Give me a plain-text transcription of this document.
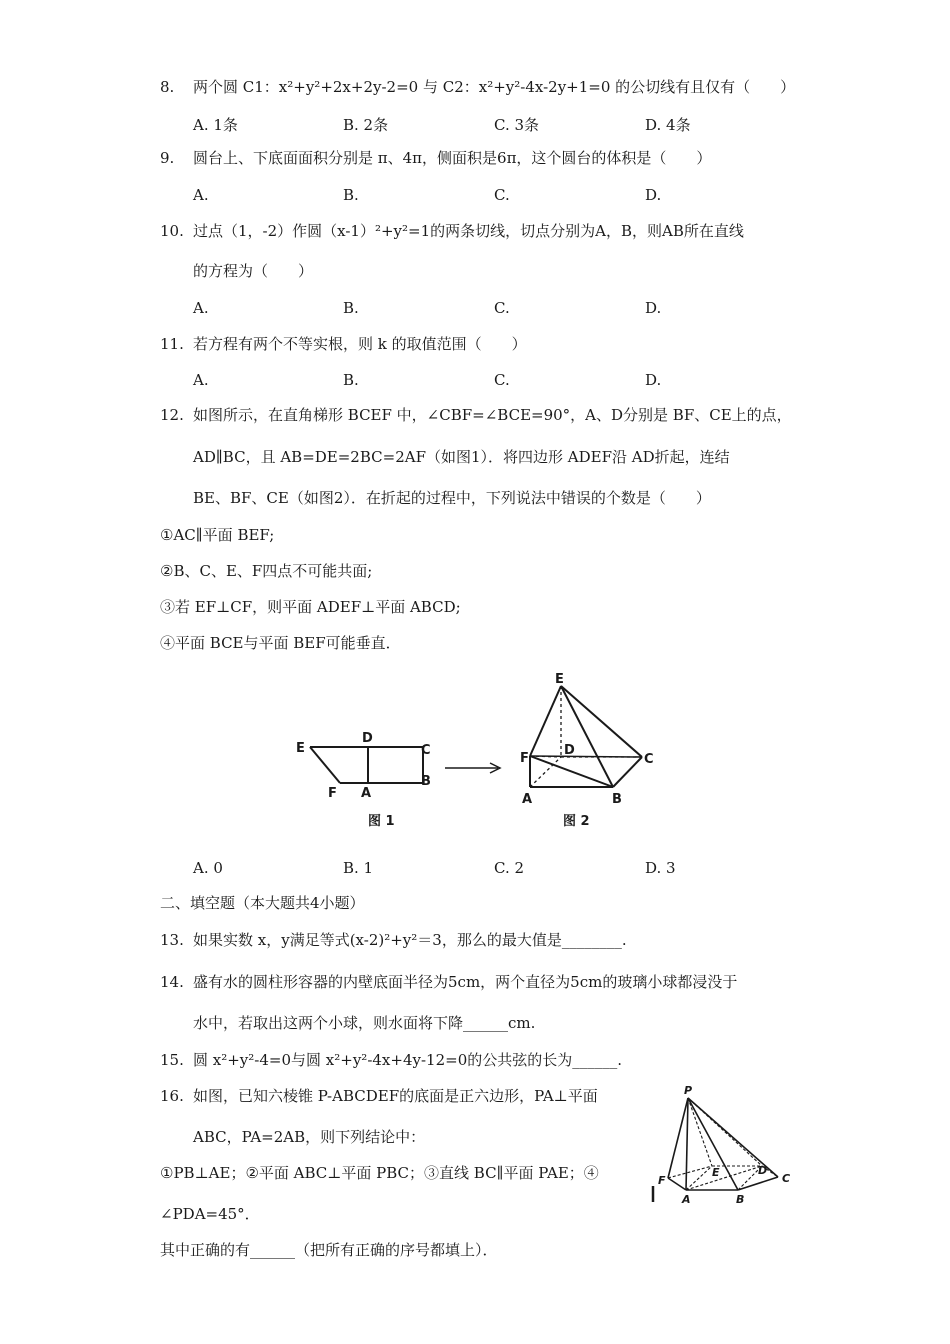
8. 两个圆 C1：x²+y²+2x+2y-2=0 与 C2：x²+y²-4x-2y+1=0 的公切线有且仅有（　　）
A. 1条	B. 2条	C. 3条	D. 4条
9. 圆台上、下底面面积分别是 π、4π，侧面积是6π，这个圆台的体积是（　　）
A.	B.	C.	D.
10. 过点（1，-2）作圆（x-1）²+y²=1的两条切线，切点分别为A，B，则AB所在直线
的方程为（　　）
A.	B.	C.	D.
11. 若方程有两个不等实根，则 k 的取值范围（　　）
A.	B.	C.	D.
12. 如图所示，在直角梯形 BCEF 中，∠CBF=∠BCE=90°，A、D分别是 BF、CE上的点，
AD∥BC，且 AB=DE=2BC=2AF（如图1）．将四边形 ADEF沿 AD折起，连结
BE、BF、CE（如图2）．在折起的过程中，下列说法中错误的个数是（　　）
①AC∥平面 BEF;
②B、C、E、F四点不可能共面;
③若 EF⊥CF，则平面 ADEF⊥平面 ABCD;
④平面 BCE与平面 BEF可能垂直．
E
D
C
F A
B
图 1
E
F
D
C
A	B
图 2
A. 0	B. 1	C. 2	D. 3
二、填空题（本大题共4小题）
13. 如果实数 x，y满足等式(x-2)²+y²＝3，那么的最大值是________.
14. 盛有水的圆柱形容器的内壁底面半径为5cm，两个直径为5cm的玻璃小球都浸没于
水中，若取出这两个小球，则水面将下降______cm.
15. 圆 x²+y²-4=0与圆 x²+y²-4x+4y-12=0的公共弦的长为______.
16. 如图，已知六棱锥 P-ABCDEF的底面是正六边形，PA⊥平面
ABC，PA=2AB，则下列结论中：
①PB⊥AE；②平面 ABC⊥平面 PBC；③直线 BC∥平面 PAE；④
∠PDA=45°．
其中正确的有______（把所有正确的序号都填上）．
P
F
E	D
C
A	B
